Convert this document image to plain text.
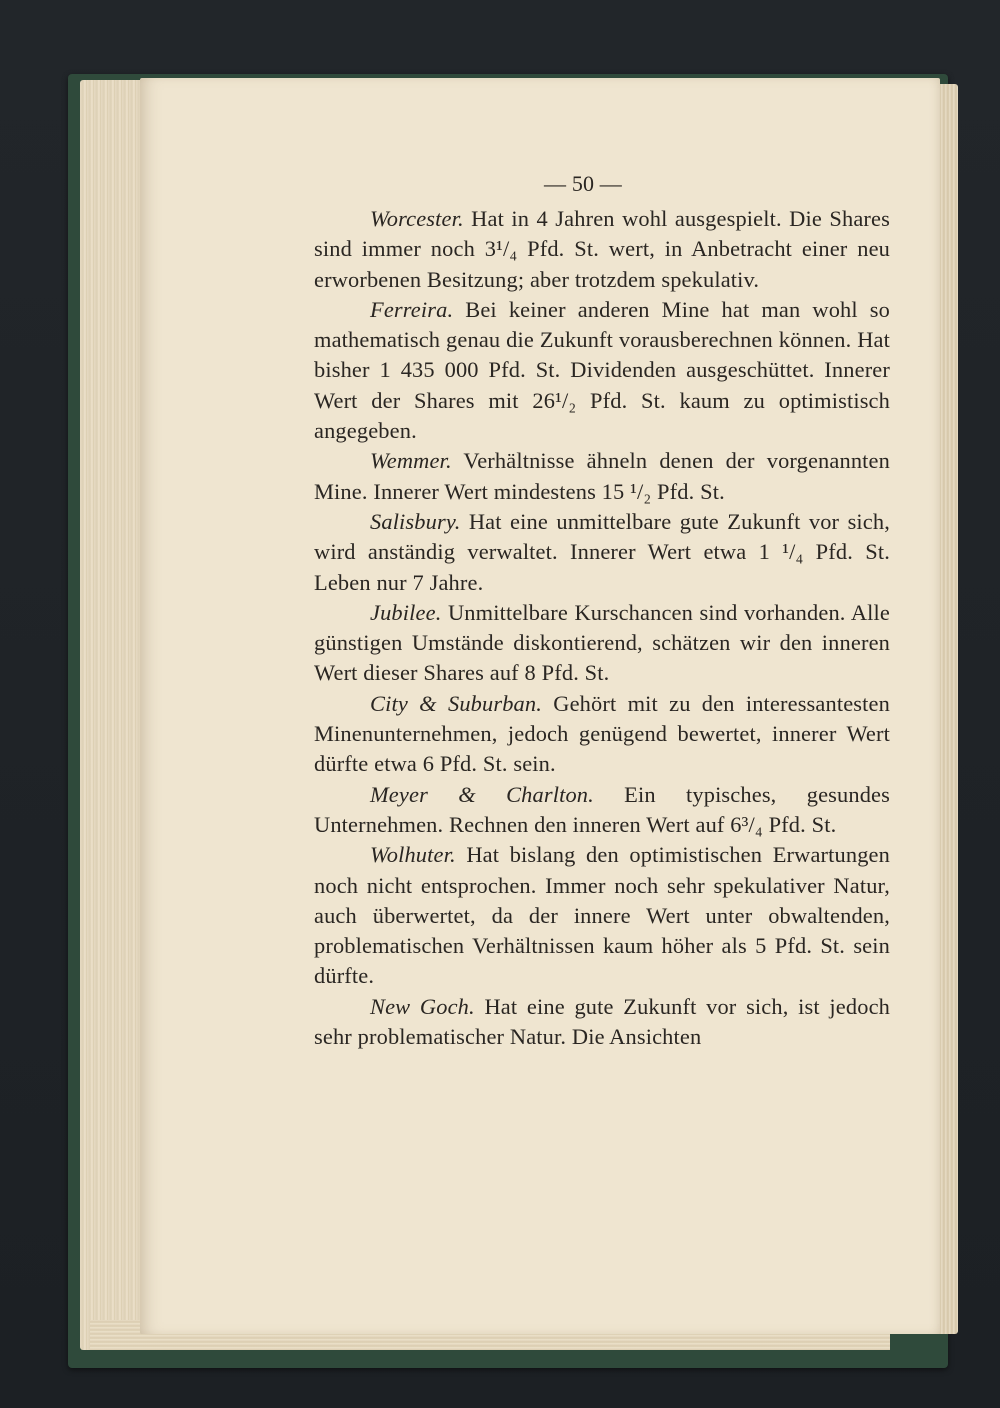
— 50 —

Worcester. Hat in 4 Jahren wohl ausgespielt. Die Shares sind immer noch 3¹/₄ Pfd. St. wert, in Anbetracht einer neu erworbenen Besitzung; aber trotzdem spekulativ.

Ferreira. Bei keiner anderen Mine hat man wohl so mathematisch genau die Zukunft vorausberechnen können. Hat bisher 1 435 000 Pfd. St. Dividenden ausgeschüttet. Innerer Wert der Shares mit 26¹/₂ Pfd. St. kaum zu optimistisch angegeben.

Wemmer. Verhältnisse ähneln denen der vorgenannten Mine. Innerer Wert mindestens 15 ¹/₂ Pfd. St.

Salisbury. Hat eine unmittelbare gute Zukunft vor sich, wird anständig verwaltet. Innerer Wert etwa 1 ¹/₄ Pfd. St. Leben nur 7 Jahre.

Jubilee. Unmittelbare Kurschancen sind vorhanden. Alle günstigen Umstände diskontierend, schätzen wir den inneren Wert dieser Shares auf 8 Pfd. St.

City & Suburban. Gehört mit zu den interessantesten Minenunternehmen, jedoch genügend bewertet, innerer Wert dürfte etwa 6 Pfd. St. sein.

Meyer & Charlton. Ein typisches, gesundes Unternehmen. Rechnen den inneren Wert auf 6³/₄ Pfd. St.

Wolhuter. Hat bislang den optimistischen Erwartungen noch nicht entsprochen. Immer noch sehr spekulativer Natur, auch überwertet, da der innere Wert unter obwaltenden, problematischen Verhältnissen kaum höher als 5 Pfd. St. sein dürfte.

New Goch. Hat eine gute Zukunft vor sich, ist jedoch sehr problematischer Natur. Die Ansichten
